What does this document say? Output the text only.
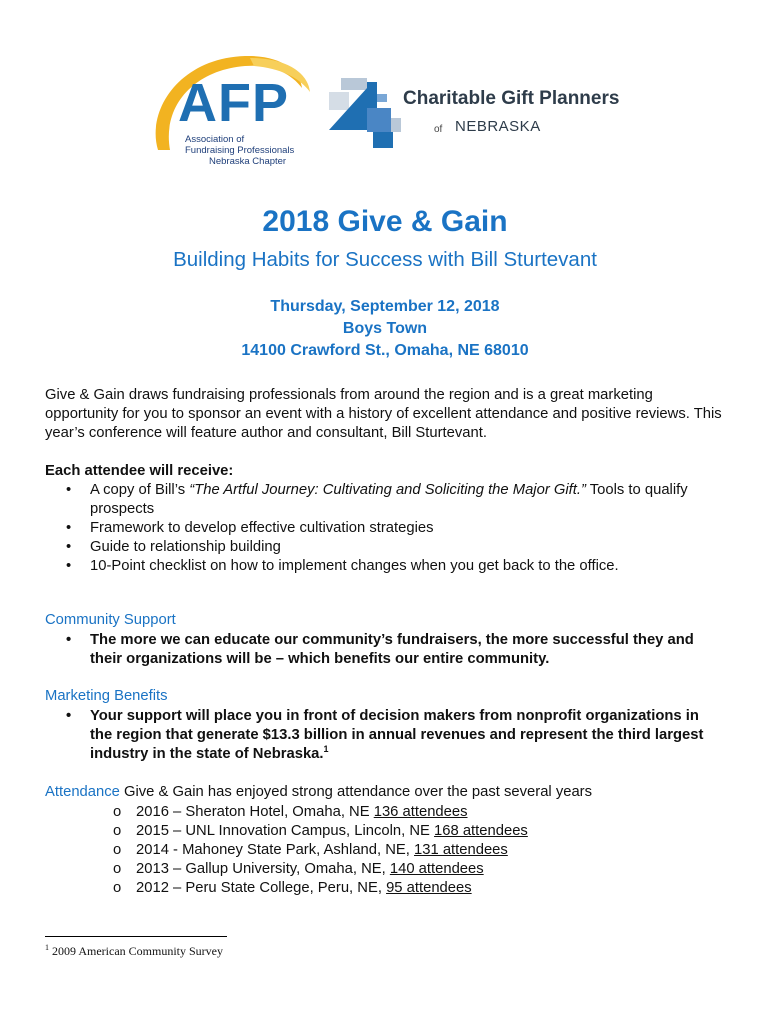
AFP
Association of
Fundraising Professionals
Nebraska Chapter
Charitable Gift Planners
of NEBRASKA
2018 Give & Gain
Building Habits for Success with Bill Sturtevant
Thursday, September 12, 2018
Boys Town
14100 Crawford St., Omaha, NE 68010
Give & Gain draws fundraising professionals from around the region and is a great marketing opportunity for you to sponsor an event with a history of excellent attendance and positive reviews. This year’s conference will feature author and consultant, Bill Sturtevant.
Each attendee will receive:
• A copy of Bill’s “The Artful Journey: Cultivating and Soliciting the Major Gift.” Tools to qualify prospects
• Framework to develop effective cultivation strategies
• Guide to relationship building
• 10-Point checklist on how to implement changes when you get back to the office.
Community Support
• The more we can educate our community’s fundraisers, the more successful they and their organizations will be – which benefits our entire community.
Marketing Benefits
• Your support will place you in front of decision makers from nonprofit organizations in the region that generate $13.3 billion in annual revenues and represent the third largest industry in the state of Nebraska.$^1$
Attendance Give & Gain has enjoyed strong attendance over the past several years
o 2016 – Sheraton Hotel, Omaha, NE 136 attendees
o 2015 – UNL Innovation Campus, Lincoln, NE 168 attendees
o 2014 - Mahoney State Park, Ashland, NE, 131 attendees
o 2013 – Gallup University, Omaha, NE, 140 attendees
o 2012 – Peru State College, Peru, NE, 95 attendees
$^1$ 2009 American Community Survey
